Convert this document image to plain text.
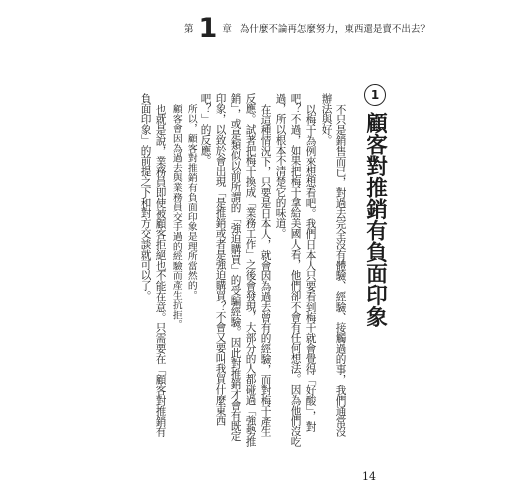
第 1 章 為什麼不論再怎麼努力，東西還是賣不出去？
1
顧客對推銷有負面印象
不只是銷售而已，對過去完全沒有體驗、經驗、接觸過的事，我們通常沒
辦法與好。
以梅干為例來想想看吧。我們日本人只要看到梅干就會覺得「好酸」，對
吧？不過，如果把梅干拿給美國人看，他們卻不會有任何想法。因為他們沒吃
過，所以根本不清楚它的味道。
在這種情況下，只要是日本人，就會因為過去曾有的經驗，而對梅干產生
反應。試著把梅干換成「業務工作」之後會發現，大部分的人都碰過「強勢推
銷」，或是類似以前所謂的「強迫購買」的受騙經驗。因此對推銷才會有既定
印象，以致於會出現「是推銷或者是強迫購買？不會又要叫我買什麼東西
吧？」的反應。
所以，顧客對推銷有負面印象是理所當然的。
顧客會因為過去與業務員交手過的經驗而產生抗拒。
也就是說，業務員即使被顧客拒絕也不能在意。只需要在「顧客對推銷有
負面印象」的前提之下和對方交談就可以了。
14
